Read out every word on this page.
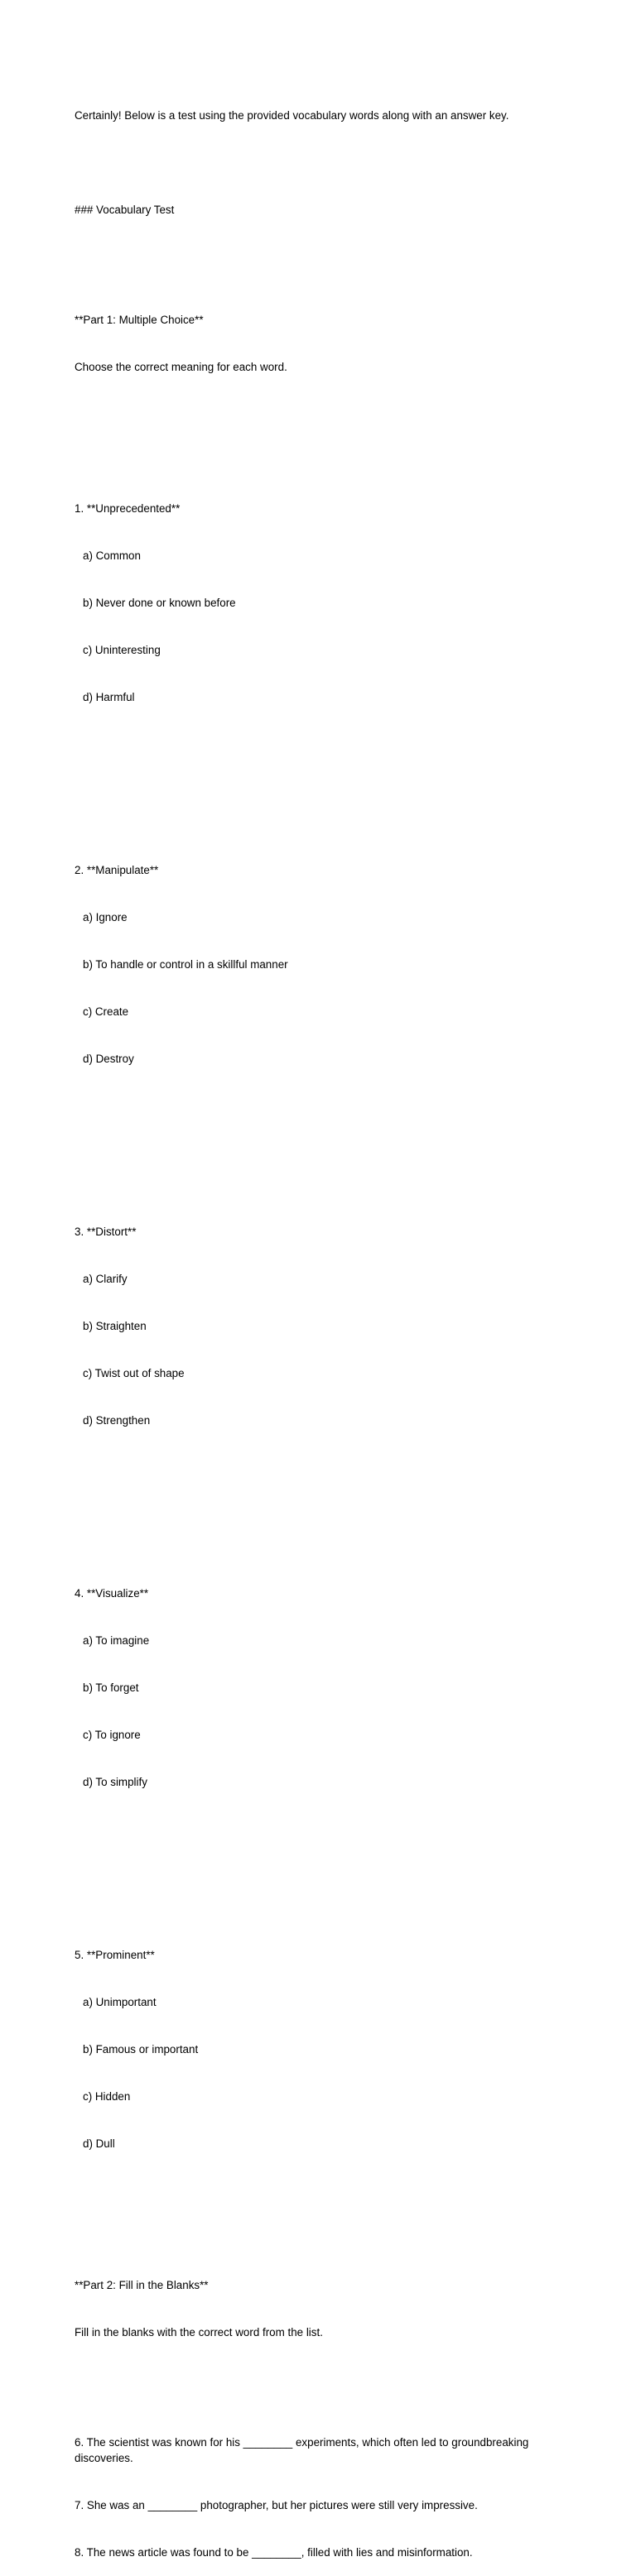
Certainly! Below is a test using the provided vocabulary words along with an answer key.

### Vocabulary Test

**Part 1: Multiple Choice**

Choose the correct meaning for each word.

1. **Unprecedented**

a) Common

b) Never done or known before

c) Uninteresting

d) Harmful

2. **Manipulate**

a) Ignore

b) To handle or control in a skillful manner

c) Create

d) Destroy

3. **Distort**

a) Clarify

b) Straighten

c) Twist out of shape

d) Strengthen

4. **Visualize**

a) To imagine

b) To forget

c) To ignore

d) To simplify

5. **Prominent**

a) Unimportant

b) Famous or important

c) Hidden

d) Dull

**Part 2: Fill in the Blanks**

Fill in the blanks with the correct word from the list.

6. The scientist was known for his ________ experiments, which often led to groundbreaking discoveries.

7. She was an ________ photographer, but her pictures were still very impressive.

8. The news article was found to be ________, filled with lies and misinformation.
